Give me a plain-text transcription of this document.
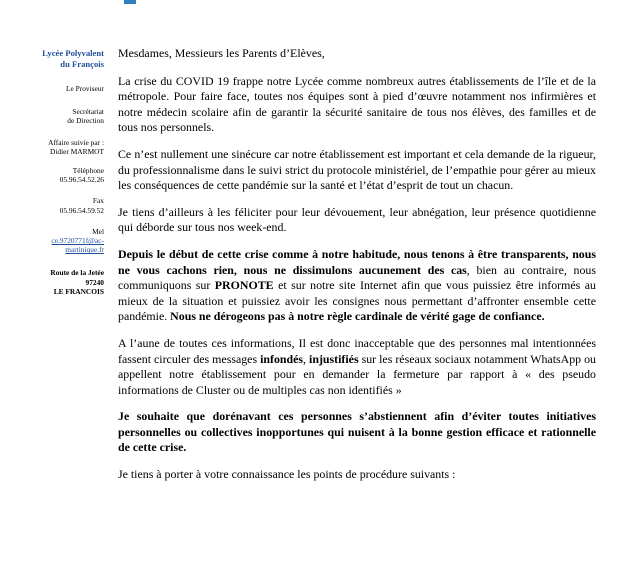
Lycée Polyvalent
du François
Le Proviseur
Secrétariat
de Direction
Affaire suivie par :
Didier MARMOT
Téléphone
05.96.54.52.26
Fax
05.96.54.59.52
Mel
ce.9720771f@ac-
martinique.fr
Route de la Jetée
97240
LE FRANCOIS

Mesdames, Messieurs les Parents d’Elèves,

La crise du COVID 19 frappe notre Lycée comme nombreux autres établissements de l’île et de la métropole. Pour faire face, toutes nos équipes sont à pied d’œuvre notamment nos infirmières et notre médecin scolaire afin de garantir la sécurité sanitaire de tous nos élèves, des familles et de tous nos personnels.

Ce n’est nullement une sinécure car notre établissement est important et cela demande de la rigueur, du professionnalisme dans le suivi strict du protocole ministériel, de l’empathie pour gérer au mieux les conséquences de cette pandémie sur la santé et l’état d’esprit de tout un chacun.

Je tiens d’ailleurs à les féliciter pour leur dévouement, leur abnégation, leur présence quotidienne qui déborde sur tous nos week-end.

Depuis le début de cette crise comme à notre habitude, nous tenons à être transparents, nous ne vous cachons rien, nous ne dissimulons aucunement des cas, bien au contraire, nous communiquons sur PRONOTE et sur notre site Internet afin que vous puissiez être informés au mieux de la situation et puissiez avoir les consignes nous permettant d’affronter ensemble cette pandémie. Nous ne dérogeons pas à notre règle cardinale de vérité gage de confiance.

A l’aune de toutes ces informations, Il est donc inacceptable que des personnes mal intentionnées fassent circuler des messages infondés, injustifiés sur les réseaux sociaux notamment WhatsApp ou appellent notre établissement pour en demander la fermeture par rapport à « des pseudo informations de Cluster ou de multiples cas non identifiés »

Je souhaite que dorénavant ces personnes s’abstiennent afin d’éviter toutes initiatives personnelles ou collectives inopportunes qui nuisent à la bonne gestion efficace et rationnelle de cette crise.

Je tiens à porter à votre connaissance les points de procédure suivants :
